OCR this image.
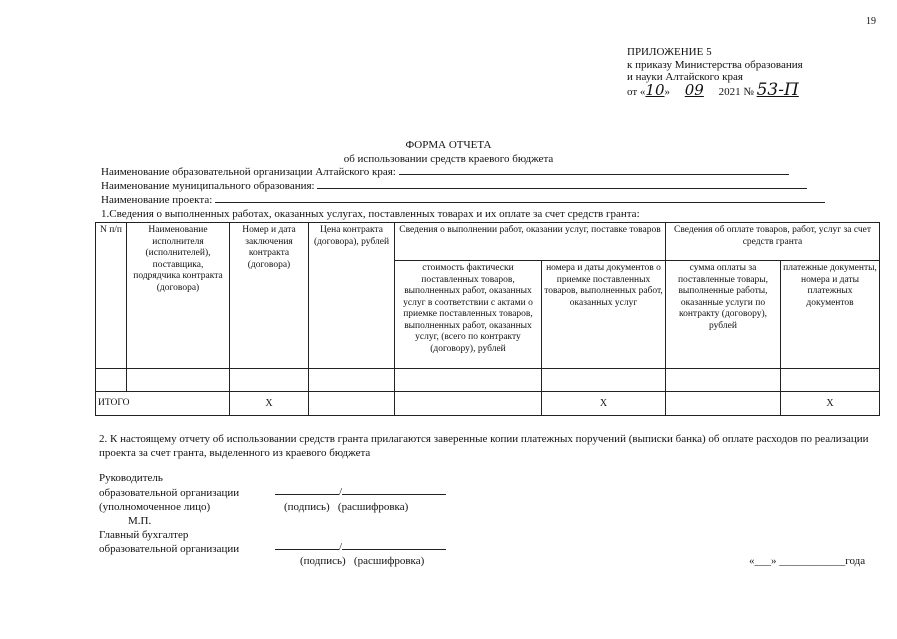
19
ПРИЛОЖЕНИЕ 5
к приказу Министерства образования
и науки Алтайского края
от «10» 09 2021 № 53-П
ФОРМА ОТЧЕТА
об использовании средств краевого бюджета
Наименование образовательной организации Алтайского края:
Наименование муниципального образования:
Наименование проекта:
1.Сведения о выполненных работах, оказанных услугах, поставленных товарах и их оплате за счет средств гранта:
N п/п	Наименование исполнителя (исполнителей), поставщика, подрядчика контракта (договора)	Номер и дата заключения контракта (договора)	Цена контракта (договора), рублей	Сведения о выполнении работ, оказании услуг, поставке товаров		Сведения об оплате товаров, работ, услуг за счет средств гранта	
				стоимость фактически поставленных товаров, выполненных работ, оказанных услуг в соответствии с актами о приемке поставленных товаров, выполненных работ, оказанных услуг, (всего по контракту (договору), рублей	номера и даты документов о приемке поставленных товаров, выполненных работ, оказанных услуг	сумма оплаты за поставленные товары, выполненные работы, оказанные услуги по контракту (договору), рублей	платежные документы, номера и даты платежных документов

ИТОГО		Х			Х		Х
2. К настоящему отчету об использовании средств гранта прилагаются заверенные копии платежных поручений (выписки банка) об оплате расходов по реализации проекта за счет гранта, выделенного из краевого бюджета
Руководитель
образовательной организации
(уполномоченное лицо)
М.П.
Главный бухгалтер
образовательной организации
/
(подпись) (расшифровка)
/
(подпись) (расшифровка)	«___» ____________года
